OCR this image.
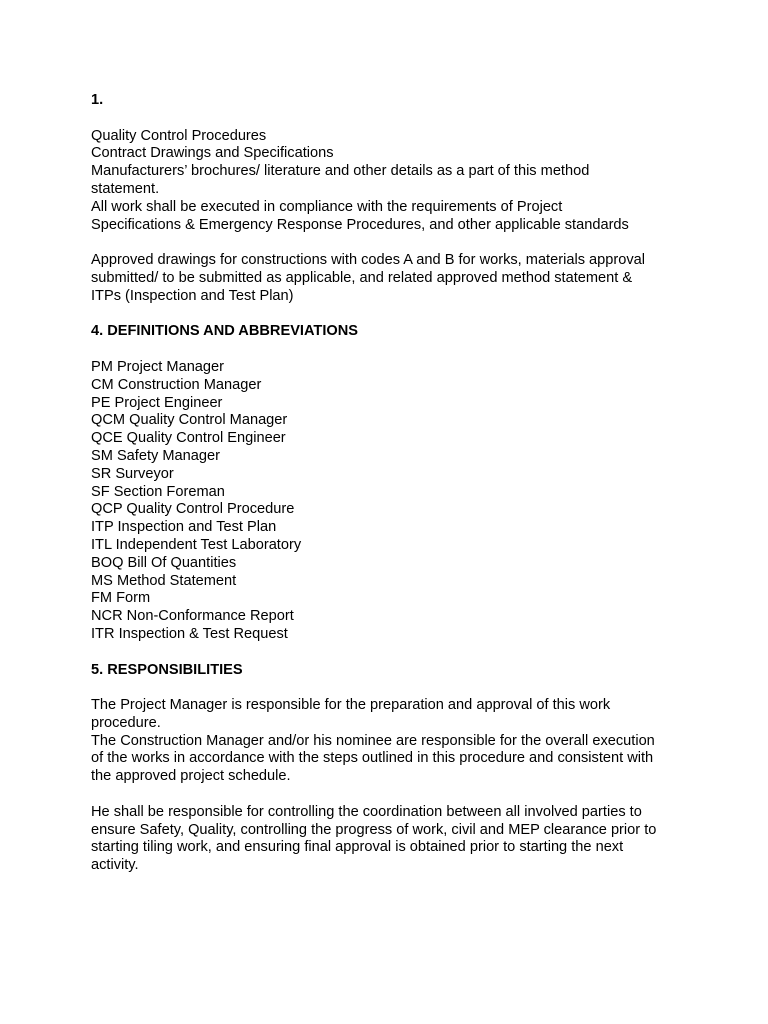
1.

Quality Control Procedures

Contract Drawings and Specifications

Manufacturers’ brochures/ literature and other details as a part of this method

statement.

All work shall be executed in compliance with the requirements of Project

Specifications & Emergency Response Procedures, and other applicable standards

Approved drawings for constructions with codes A and B for works, materials approval

submitted/ to be submitted as applicable, and related approved method statement &

ITPs (Inspection and Test Plan)

4. DEFINITIONS AND ABBREVIATIONS

PM Project Manager

CM Construction Manager

PE Project Engineer

QCM Quality Control Manager

QCE Quality Control Engineer

SM Safety Manager

SR Surveyor

SF Section Foreman

QCP Quality Control Procedure

ITP Inspection and Test Plan

ITL Independent Test Laboratory

BOQ Bill Of Quantities

MS Method Statement

FM Form

NCR Non-Conformance Report

ITR Inspection & Test Request

5. RESPONSIBILITIES

The Project Manager is responsible for the preparation and approval of this work

procedure.

The Construction Manager and/or his nominee are responsible for the overall execution

of the works in accordance with the steps outlined in this procedure and consistent with

the approved project schedule.

He shall be responsible for controlling the coordination between all involved parties to

ensure Safety, Quality, controlling the progress of work, civil and MEP clearance prior to

starting tiling work, and ensuring final approval is obtained prior to starting the next

activity.
